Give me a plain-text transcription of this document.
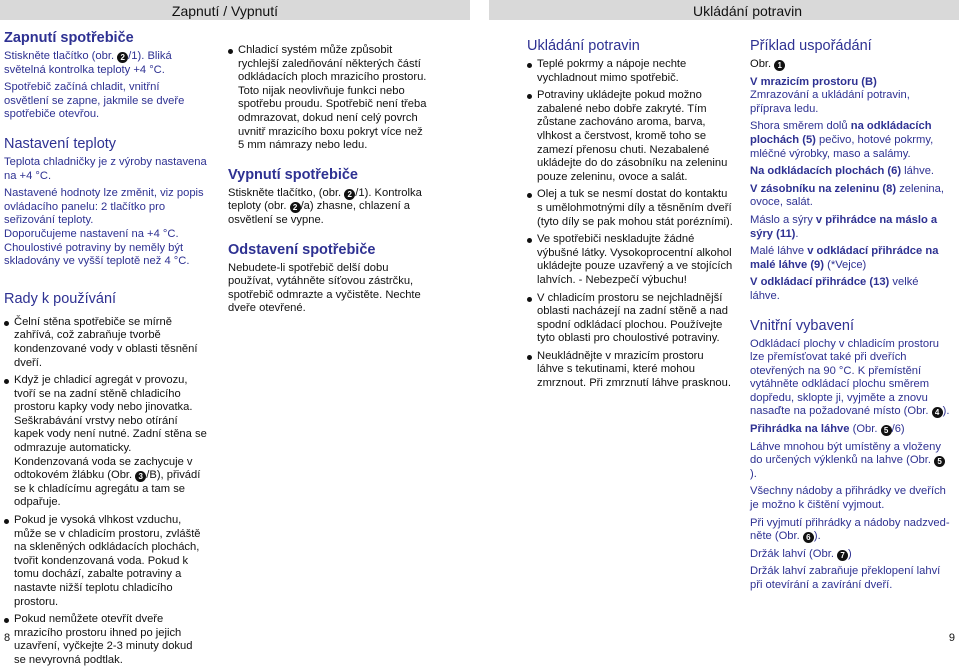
Zapnutí / Vypnutí	Ukládání potravin
Zapnutí spotřebiče

Stiskněte tlačítko (obr. 2 /1). Bliká světelná kontrolka teploty +4 °C.

Spotřebič začíná chladit, vnitřní osvětlení se zapne, jakmile se dveře spotřebiče otevřou.

Nastavení teploty

Teplota chladničky je z výroby nastavena na +4 °C.

Nastavené hodnoty lze změnit, viz popis ovládacího panelu: 2 tlačítko pro seřizování teploty.

Doporučujeme nastavení na +4 °C.

Choulostivé potraviny by neměly být skladovány ve vyšší teplotě než 4 °C.

Rady k používání
Čelní stěna spotřebiče se mírně zahřívá, což zabraňuje tvorbě kondenzované vody v oblasti těsnění dveří.
Když je chladicí agregát v provozu, tvoří se na zadní stěně chladicího prostoru kapky vody nebo jinovatka. Seškrabávání vrstvy nebo otírání kapek vody není nutné. Zadní stěna se odmrazuje automaticky. Kondenzovaná voda se zachycuje v odtokovém žlábku (Obr. 3 /B), přivádí se k chladícímu agregátu a tam se odpařuje.
Pokud je vysoká vlhkost vzduchu, může se v chladicím prostoru, zvláště na skleněných odkládacích plochách, tvořit kondenzovaná voda. Pokud k tomu dochází, zabalte potraviny a nastavte nižší teplotu chladicího prostoru.
Pokud nemůžete otevřít dveře mrazicího prostoru ihned po jejich uzavření, vyčkejte 2-3 minuty dokud se nevyrovná podtlak.
Chladicí systém může způsobit rychlejší zaledňování některých částí odkládacích ploch mrazicího prostoru. Toto nijak neovlivňuje funkci nebo spotřebu proudu. Spotřebič není třeba odmrazovat, dokud není celý povrch uvnitř mrazicího boxu pokryt více než 5 mm námrazy nebo ledu.
Vypnutí spotřebiče

Stiskněte tlačítko, (obr. 2 /1). Kontrolka teploty (obr. 2 /a) zhasne, chlazení a osvětlení se vypne.

Odstavení spotřebiče

Nebudete-li spotřebič delší dobu používat, vytáhněte síťovou zástrčku, spotřebič odmrazte a vyčistěte. Nechte dveře otevřené.

Ukládání potravin
Teplé pokrmy a nápoje nechte vychladnout mimo spotřebič.
Potraviny ukládejte pokud možno zabalené nebo dobře zakryté. Tím zůstane zachováno aroma, barva, vlhkost a čerstvost, kromě toho se zamezí přenosu chuti. Nezabalené ukládejte do do zásobníku na zeleninu pouze zeleninu, ovoce a salát.
Olej a tuk se nesmí dostat do kontaktu s umělohmotnými díly a těsněním dveří (tyto díly se pak mohou stát porézními).
Ve spotřebiči neskladujte žádné výbušné látky. Vysokoprocentní alkohol ukládejte pouze uzavřený a ve stojících lahvích. - Nebezpečí výbuchu!
V chladicím prostoru se nejchladnější oblasti nacházejí na zadní stěně a nad spodní odkládací plochou. Používejte tyto oblasti pro choulostivé potraviny.
Neukládnějte v mrazicím prostoru láhve s tekutinami, které mohou zmrznout. Při zmrznutí láhve prasknou.
Příklad uspořádání

Obr. 1

V mrazicím prostoru (B)
Zmrazování a ukládání potravin, příprava ledu.

Shora směrem dolů na odkládacích plochách (5) pečivo, hotové pokrmy, mléčné výrobky, maso a salámy.

Na odkládacích plochách (6) láhve.

V zásobníku na zeleninu (8) zelenina, ovoce, salát.

Máslo a sýry v přihrádce na máslo a sýry (11).

Malé láhve v odkládací přihrádce na malé láhve (9) (*Vejce)

V odkládací přihrádce (13) velké láhve.

Vnitřní vybavení

Odkládací plochy v chladicím prostoru lze přemísťovat také při dveřích otevřených na 90 °C. K přemístění vytáhněte odkládací plochu směrem dopředu, sklopte ji, vyjměte a znovu nasaďte na požadované místo (Obr. 4 ).

Přihrádka na láhve (Obr. 5 /6)

Láhve mnohou být umístěny a vloženy do určených výklenků na lahve (Obr. 5).

Všechny nádoby a přihrádky ve dveřích je možno k čištění vyjmout.

Při vyjmutí přihrádky a nádoby nadzved-něte (Obr. 6 ).

Držák lahví (Obr. 7 )

Držák lahví zabraňuje překlopení lahví při otevírání a zavírání dveří.

8	9
